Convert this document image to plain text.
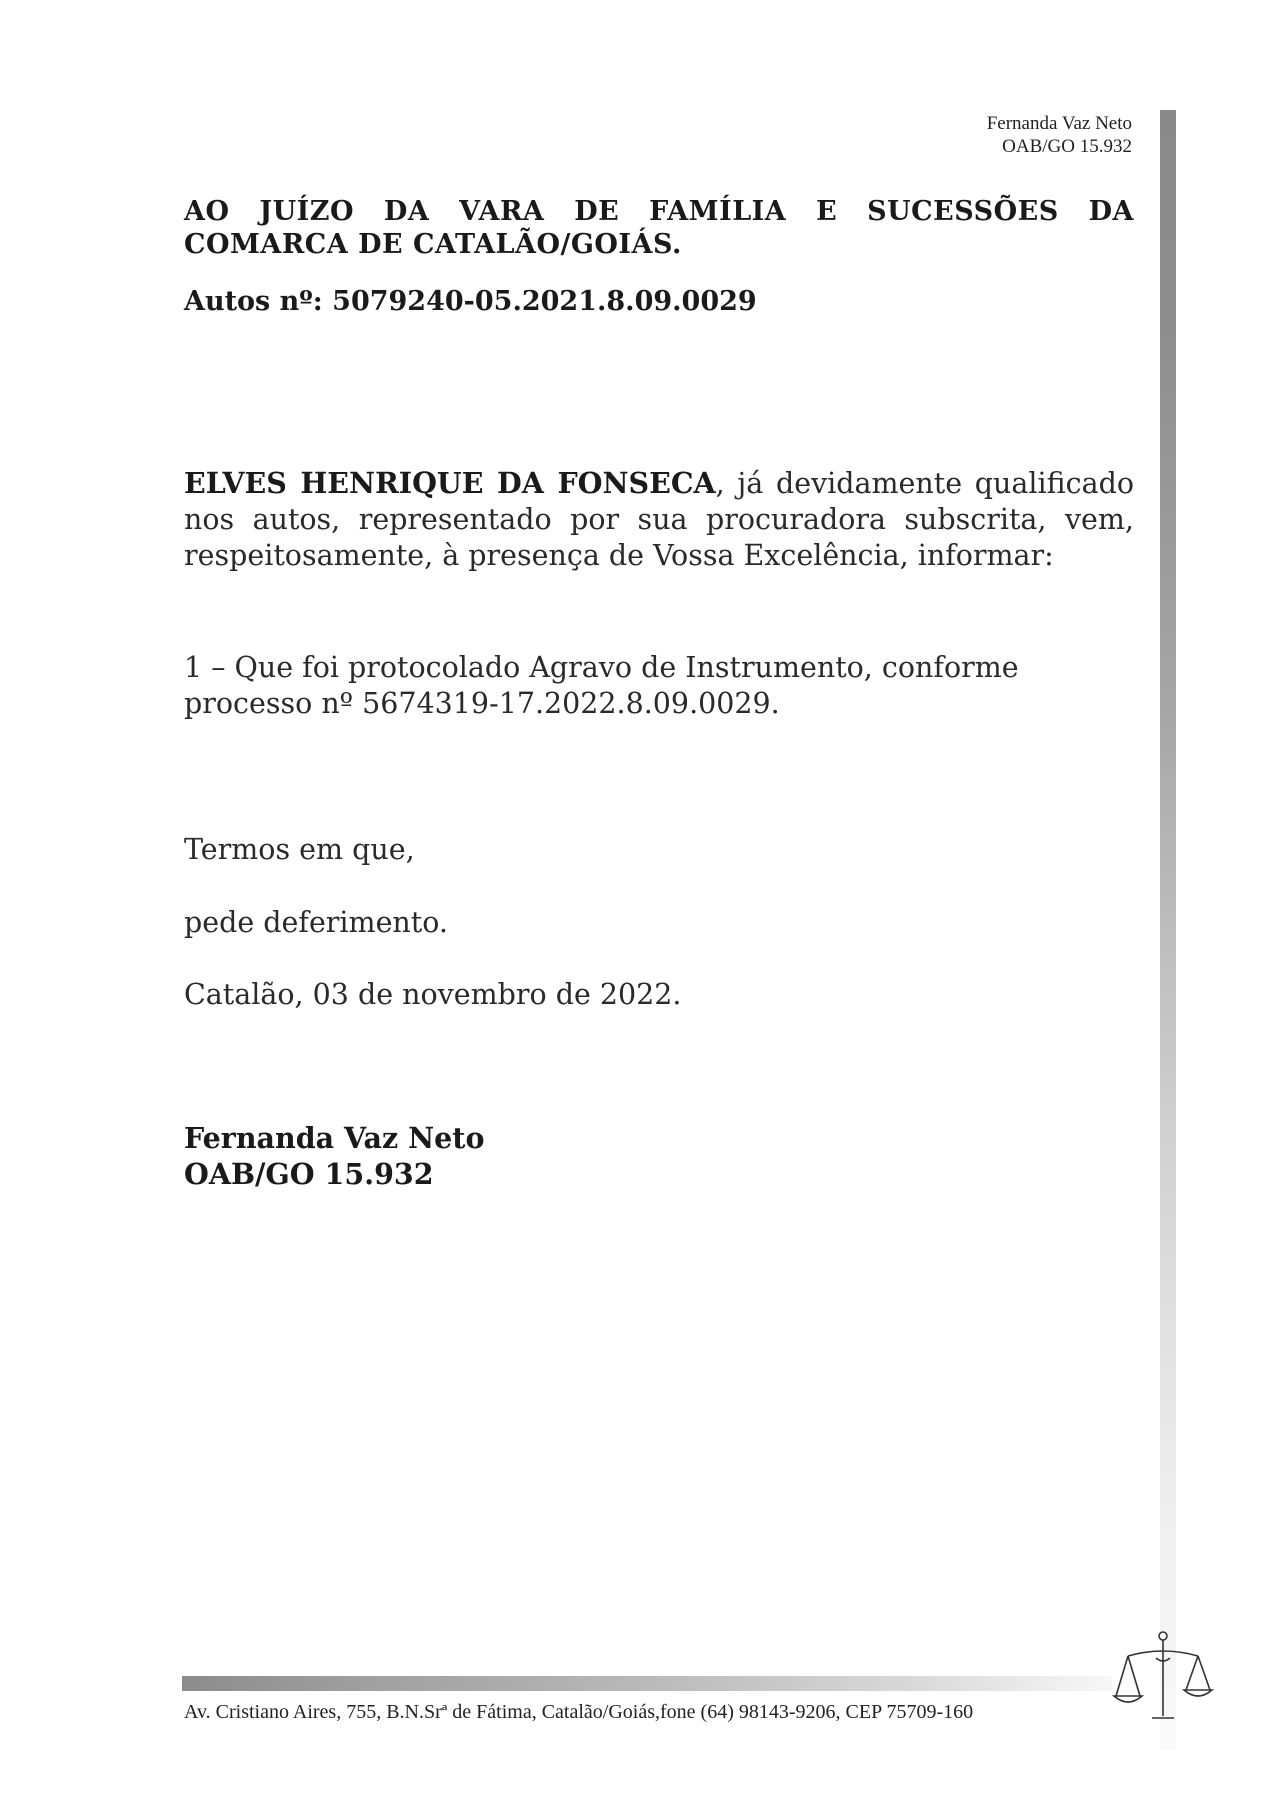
Fernanda Vaz Neto
OAB/GO 15.932

AO JUÍZO DA VARA DE FAMÍLIA E SUCESSÕES DA COMARCA DE CATALÃO/GOIÁS.

Autos nº: 5079240-05.2021.8.09.0029

ELVES HENRIQUE DA FONSECA, já devidamente qualificado nos autos, representado por sua procuradora subscrita, vem, respeitosamente, à presença de Vossa Excelência, informar:

1 – Que foi protocolado Agravo de Instrumento, conforme processo nº 5674319-17.2022.8.09.0029.

Termos em que,

pede deferimento.

Catalão, 03 de novembro de 2022.

Fernanda Vaz Neto
OAB/GO 15.932
Av. Cristiano Aires, 755, B.N.Srª de Fátima, Catalão/Goiás,fone (64) 98143-9206, CEP 75709-160
